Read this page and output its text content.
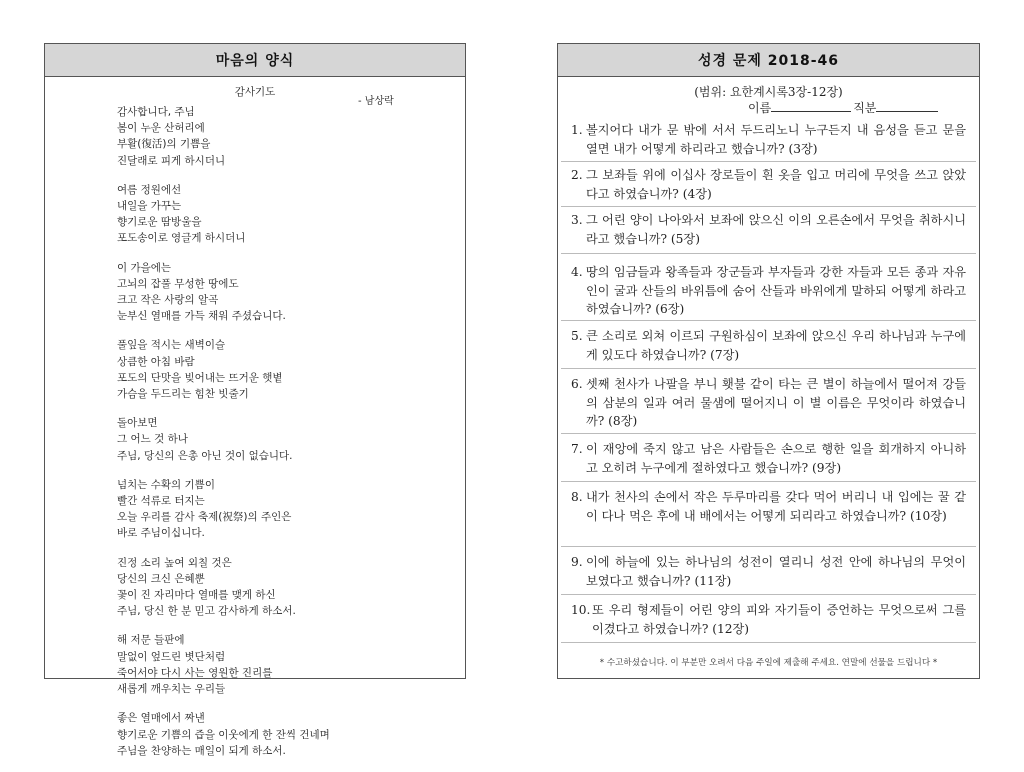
마음의 양식
감사기도
- 남상락
감사합니다, 주님
봄이 누운 산허리에
부활(復活)의 기쁨을
진달래로 피게 하시더니
여름 정원에선
내일을 가꾸는
향기로운 땀방울을
포도송이로 영글게 하시더니
이 가을에는
고뇌의 잡풀 무성한 땅에도
크고 작은 사랑의 알곡
눈부신 열매를 가득 채워 주셨습니다.
풀잎을 적시는 새벽이슬
상큼한 아침 바람
포도의 단맛을 빚어내는 뜨거운 햇볕
가슴을 두드리는 힘찬 빗줄기
돌아보면
그 어느 것 하나
주님, 당신의 은총 아닌 것이 없습니다.
넘치는 수확의 기쁨이
빨간 석류로 터지는
오늘 우리를 감사 축제(祝祭)의 주인은
바로 주님이십니다.
진정 소리 높여 외칠 것은
당신의 크신 은혜뿐
꽃이 진 자리마다 열매를 맺게 하신
주님, 당신 한 분 믿고 감사하게 하소서.
해 저문 들판에
말없이 엎드린 볏단처럼
죽어서야 다시 사는 영원한 진리를
새롭게 깨우치는 우리들
좋은 열매에서 짜낸
향기로운 기쁨의 즙을 이웃에게 한 잔씩 건네며
주님을 찬양하는 매일이 되게 하소서.
성경 문제 2018-46
(범위: 요한계시록3장-12장)
이름	직분
1. 볼지어다 내가 문 밖에 서서 두드리노니 누구든지 내 음성을 듣고 문을 열면 내가 어떻게 하리라고 했습니까? (3장)
2. 그 보좌들 위에 이십사 장로들이 흰 옷을 입고 머리에 무엇을 쓰고 앉았다고 하였습니까? (4장)
3. 그 어린 양이 나아와서 보좌에 앉으신 이의 오른손에서 무엇을 취하시니라고 했습니까? (5장)
4. 땅의 임금들과 왕족들과 장군들과 부자들과 강한 자들과 모든 종과 자유인이 굴과 산들의 바위틈에 숨어 산들과 바위에게 말하되 어떻게 하라고 하였습니까? (6장)
5. 큰 소리로 외쳐 이르되 구원하심이 보좌에 앉으신 우리 하나님과 누구에게 있도다 하였습니까? (7장)
6. 셋째 천사가 나팔을 부니 횃불 같이 타는 큰 별이 하늘에서 떨어져 강들의 삼분의 일과 여러 물샘에 떨어지니 이 별 이름은 무엇이라 하였습니까? (8장)
7. 이 재앙에 죽지 않고 남은 사람들은 손으로 행한 일을 회개하지 아니하고 오히려 누구에게 절하였다고 했습니까? (9장)
8. 내가 천사의 손에서 작은 두루마리를 갖다 먹어 버리니 내 입에는 꿀 같이 다나 먹은 후에 내 배에서는 어떻게 되리라고 하였습니까? (10장)
9. 이에 하늘에 있는 하나님의 성전이 열리니 성전 안에 하나님의 무엇이 보였다고 했습니까? (11장)
10. 또 우리 형제들이 어린 양의 피와 자기들이 증언하는 무엇으로써 그를 이겼다고 하였습니까? (12장)
* 수고하셨습니다. 이 부분만 오려서 다음 주일에 제출해 주세요. 연말에 선물을 드립니다 *
